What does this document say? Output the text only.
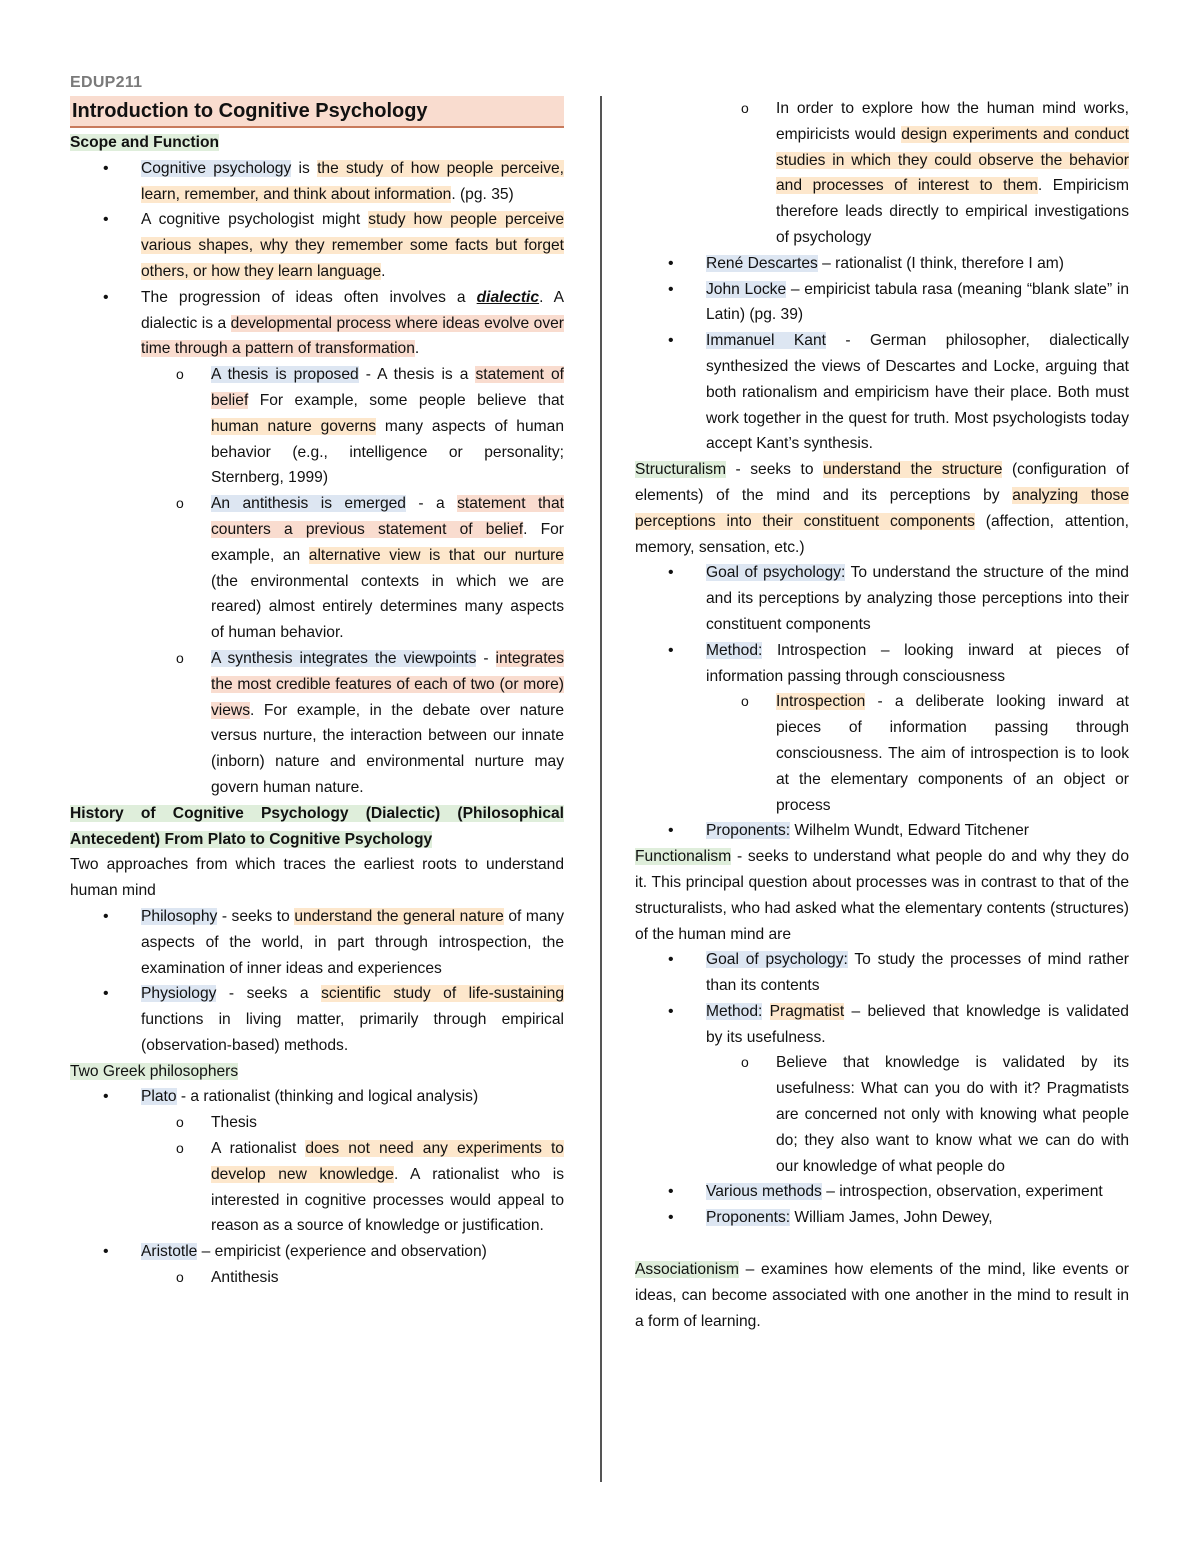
EDUP211
Introduction to Cognitive Psychology
Scope and Function
• Cognitive psychology is the study of how people perceive, learn, remember, and think about information. (pg. 35)
• A cognitive psychologist might study how people perceive various shapes, why they remember some facts but forget others, or how they learn language.
• The progression of ideas often involves a dialectic. A dialectic is a developmental process where ideas evolve over time through a pattern of transformation.
o A thesis is proposed - A thesis is a statement of belief For example, some people believe that human nature governs many aspects of human behavior (e.g., intelligence or personality; Sternberg, 1999)
o An antithesis is emerged - a statement that counters a previous statement of belief. For example, an alternative view is that our nurture (the environmental contexts in which we are reared) almost entirely determines many aspects of human behavior.
o A synthesis integrates the viewpoints - integrates the most credible features of each of two (or more) views. For example, in the debate over nature versus nurture, the interaction between our innate (inborn) nature and environmental nurture may govern human nature.
History of Cognitive Psychology (Dialectic) (Philosophical Antecedent) From Plato to Cognitive Psychology
Two approaches from which traces the earliest roots to understand human mind
• Philosophy - seeks to understand the general nature of many aspects of the world, in part through introspection, the examination of inner ideas and experiences
• Physiology - seeks a scientific study of life-sustaining functions in living matter, primarily through empirical (observation-based) methods.
Two Greek philosophers
• Plato - a rationalist (thinking and logical analysis)
o Thesis
o A rationalist does not need any experiments to develop new knowledge. A rationalist who is interested in cognitive processes would appeal to reason as a source of knowledge or justification.
• Aristotle – empiricist (experience and observation)
o Antithesis
o In order to explore how the human mind works, empiricists would design experiments and conduct studies in which they could observe the behavior and processes of interest to them. Empiricism therefore leads directly to empirical investigations of psychology
• René Descartes – rationalist (I think, therefore I am)
• John Locke – empiricist tabula rasa (meaning “blank slate” in Latin) (pg. 39)
• Immanuel Kant - German philosopher, dialectically synthesized the views of Descartes and Locke, arguing that both rationalism and empiricism have their place. Both must work together in the quest for truth. Most psychologists today accept Kant’s synthesis.
Structuralism - seeks to understand the structure (configuration of elements) of the mind and its perceptions by analyzing those perceptions into their constituent components (affection, attention, memory, sensation, etc.)
• Goal of psychology: To understand the structure of the mind and its perceptions by analyzing those perceptions into their constituent components
• Method: Introspection – looking inward at pieces of information passing through consciousness
o Introspection - a deliberate looking inward at pieces of information passing through consciousness. The aim of introspection is to look at the elementary components of an object or process
• Proponents: Wilhelm Wundt, Edward Titchener
Functionalism - seeks to understand what people do and why they do it. This principal question about processes was in contrast to that of the structuralists, who had asked what the elementary contents (structures) of the human mind are
• Goal of psychology: To study the processes of mind rather than its contents
• Method: Pragmatist – believed that knowledge is validated by its usefulness.
o Believe that knowledge is validated by its usefulness: What can you do with it? Pragmatists are concerned not only with knowing what people do; they also want to know what we can do with our knowledge of what people do
• Various methods – introspection, observation, experiment
• Proponents: William James, John Dewey,
Associationism – examines how elements of the mind, like events or ideas, can become associated with one another in the mind to result in a form of learning.
